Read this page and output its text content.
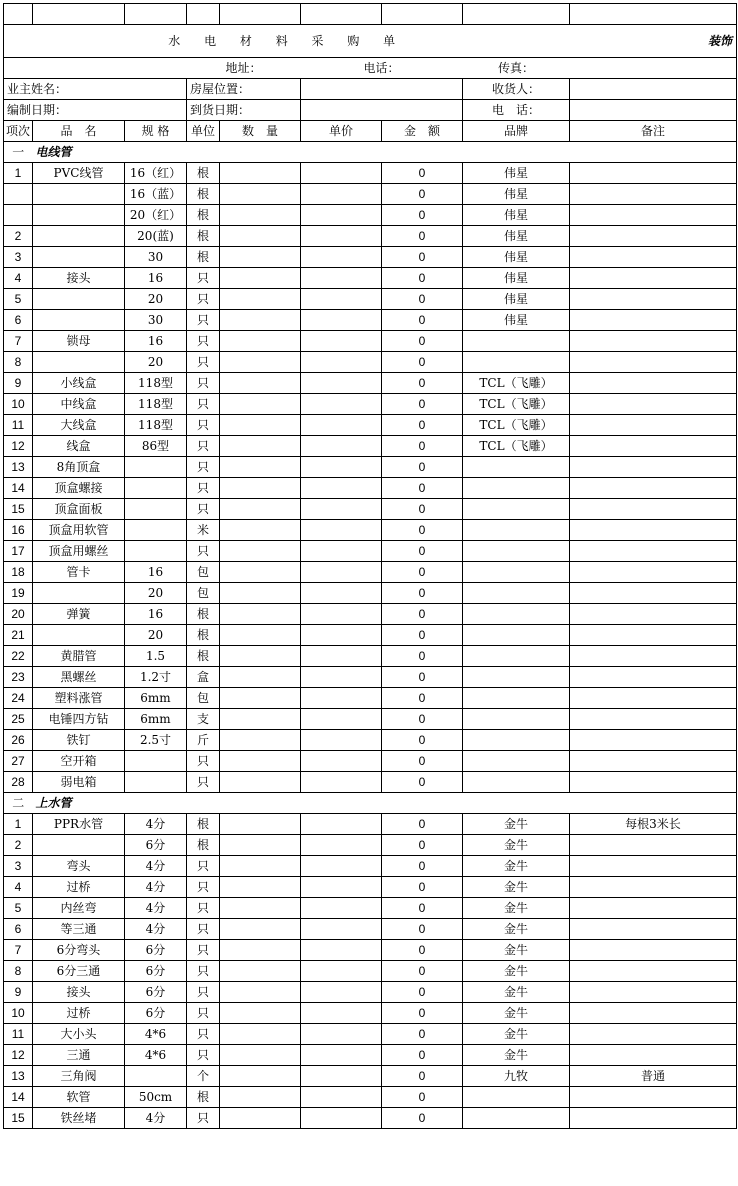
水 电 材 料 采 购 单								装饰
			地址：		电话：		传真：	
业主姓名：			房屋位置：				收货人：	
编制日期：			到货日期：				电　话：	
项次	品　名	规 格	单位	数　量	单价	金　额	品牌	备注
一	电线管							
1	PVC线管	16（红）	根			0	伟星	
		16（蓝）	根			0	伟星	
		20（红）	根			0	伟星	
2		20(蓝)	根			0	伟星	
3		30	根			0	伟星	
4	接头	16	只			0	伟星	
5		20	只			0	伟星	
6		30	只			0	伟星	
7	锁母	16	只			0		
8		20	只			0		
9	小线盒	118型	只			0	TCL（飞雕）	
10	中线盒	118型	只			0	TCL（飞雕）	
11	大线盒	118型	只			0	TCL（飞雕）	
12	线盒	86型	只			0	TCL（飞雕）	
13	8角顶盒		只			0		
14	顶盒螺接		只			0		
15	顶盒面板		只			0		
16	顶盒用软管		米			0		
17	顶盒用螺丝		只			0		
18	管卡	16	包			0		
19		20	包			0		
20	弹簧	16	根			0		
21		20	根			0		
22	黄腊管	1.5	根			0		
23	黑螺丝	1.2寸	盒			0		
24	塑料涨管	6mm	包			0		
25	电锤四方钻	6mm	支			0		
26	铁钉	2.5寸	斤			0		
27	空开箱		只			0		
28	弱电箱		只			0		
二	上水管							
1	PPR水管	4分	根			0	金牛	每根3米长
2		6分	根			0	金牛	
3	弯头	4分	只			0	金牛	
4	过桥	4分	只			0	金牛	
5	内丝弯	4分	只			0	金牛	
6	等三通	4分	只			0	金牛	
7	6分弯头	6分	只			0	金牛	
8	6分三通	6分	只			0	金牛	
9	接头	6分	只			0	金牛	
10	过桥	6分	只			0	金牛	
11	大小头	4*6	只			0	金牛	
12	三通	4*6	只			0	金牛	
13	三角阀		个			0	九牧	普通
14	软管	50cm	根			0		
15	铁丝堵	4分	只			0		
